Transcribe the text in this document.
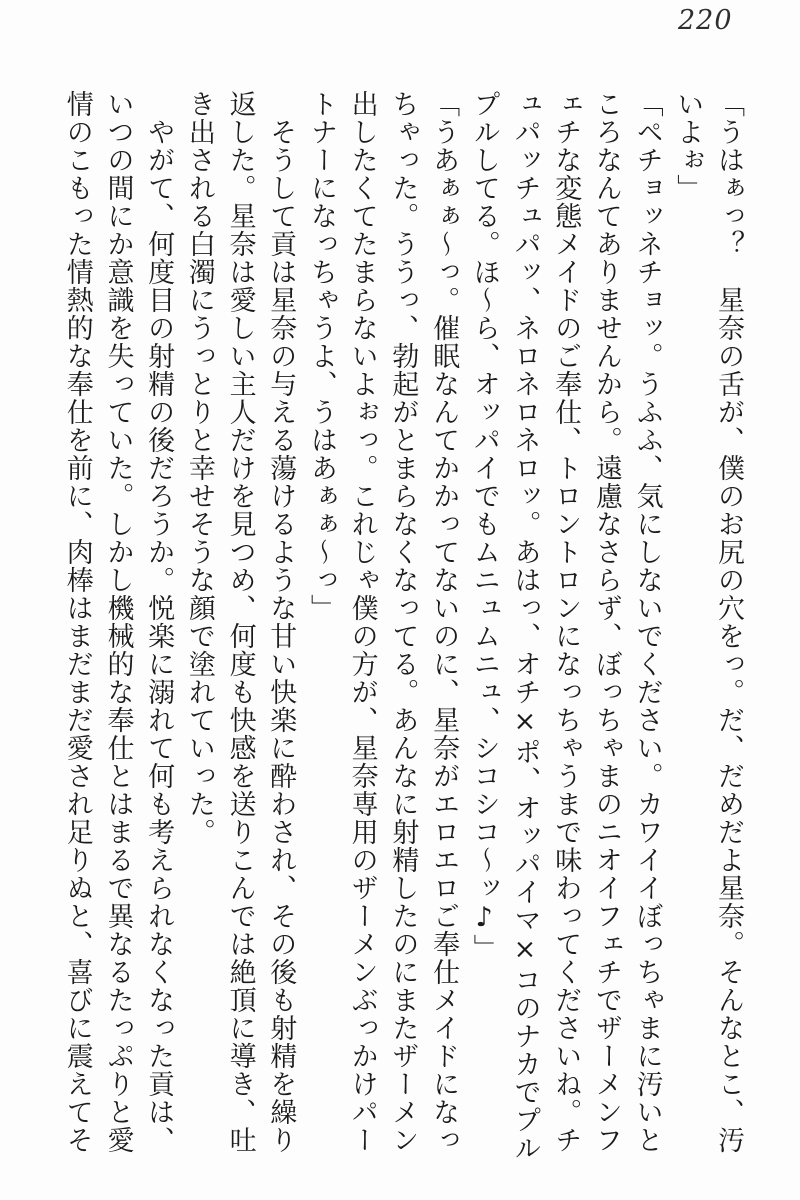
220
「うはぁっ？　星奈の舌が、僕のお尻の穴をっ。だ、だめだよ星奈。そんなとこ、汚
いよぉ」
「ペチョッネチョッ。うふふ、気にしないでください。カワイイぼっちゃまに汚いと
ころなんてありませんから。遠慮なさらず、ぼっちゃまのニオイフェチでザーメンフ
ェチな変態メイドのご奉仕、トロントロンになっちゃうまで味わってくださいね。チ
ュパッチュパッ、ネロネロネロッ。あはっ、オチ×ポ、オッパイマ×コのナカでプル
プルしてる。ほ〜ら、オッパイでもムニュムニュ、シコシコ〜ッ♪」
「うあぁぁ〜っ。催眠なんてかかってないのに、星奈がエロエロご奉仕メイドになっ
ちゃった。ううっ、勃起がとまらなくなってる。あんなに射精したのにまたザーメン
出したくてたまらないよぉっ。これじゃ僕の方が、星奈専用のザーメンぶっかけパー
トナーになっちゃうよ、うはあぁぁ〜っ」
　そうして貢は星奈の与える蕩けるような甘い快楽に酔わされ、その後も射精を繰り
返した。星奈は愛しい主人だけを見つめ、何度も快感を送りこんでは絶頂に導き、吐
き出される白濁にうっとりと幸せそうな顔で塗れていった。
　やがて、何度目の射精の後だろうか。悦楽に溺れて何も考えられなくなった貢は、
いつの間にか意識を失っていた。しかし機械的な奉仕とはまるで異なるたっぷりと愛
情のこもった情熱的な奉仕を前に、肉棒はまだまだ愛され足りぬと、喜びに震えてそ
